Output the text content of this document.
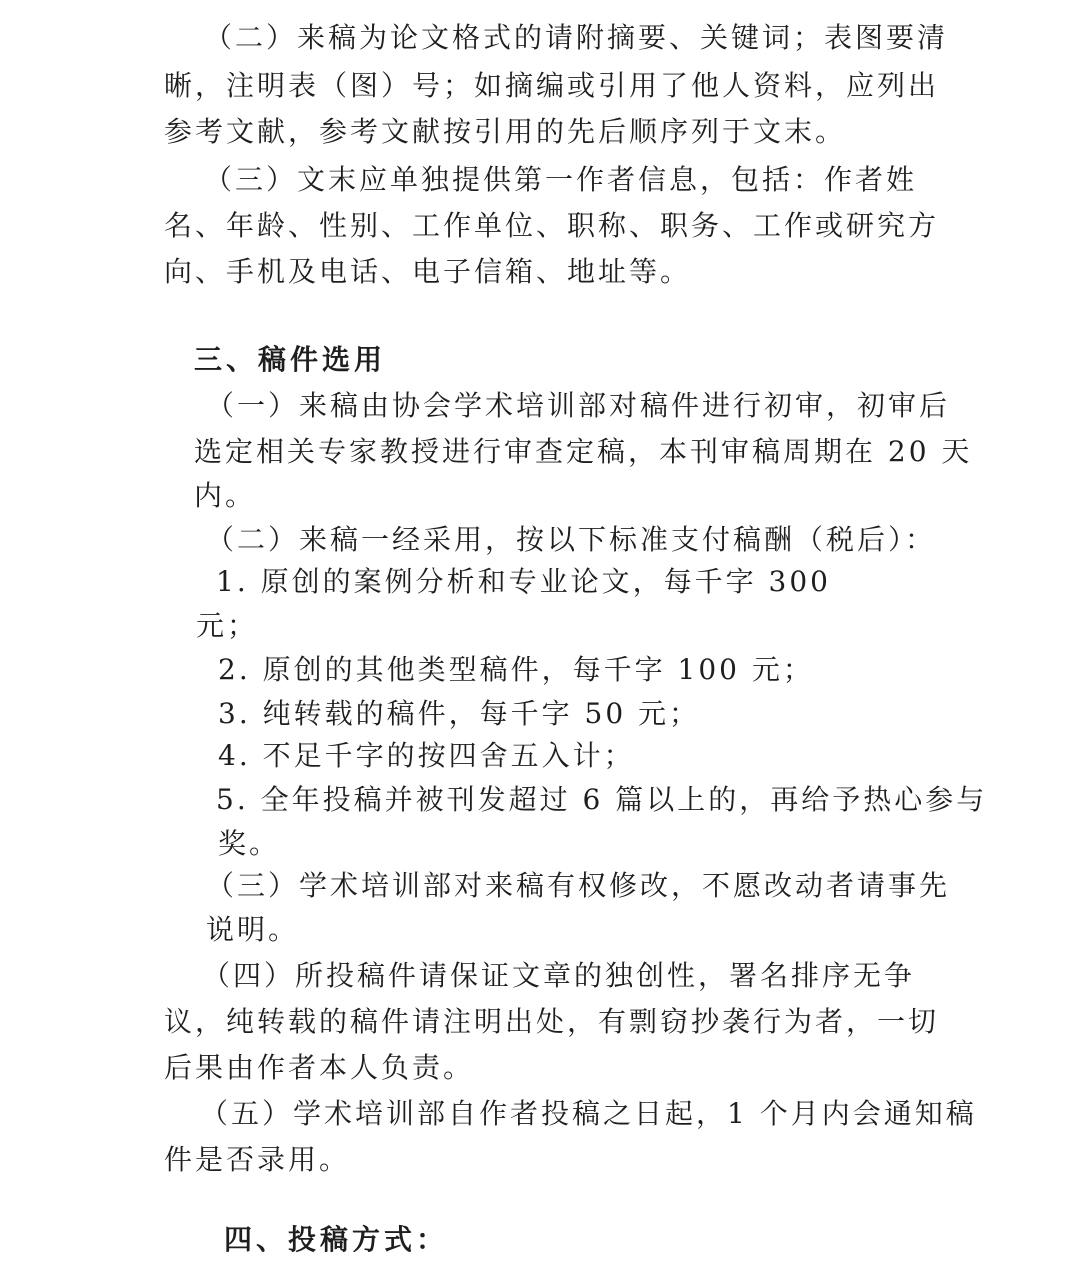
（二）来稿为论文格式的请附摘要、关键词；表图要清

晰，注明表（图）号；如摘编或引用了他人资料，应列出

参考文献，参考文献按引用的先后顺序列于文末。

（三）文末应单独提供第一作者信息，包括：作者姓

名、年龄、性别、工作单位、职称、职务、工作或研究方

向、手机及电话、电子信箱、地址等。

三、稿件选用

（一）来稿由协会学术培训部对稿件进行初审，初审后

选定相关专家教授进行审查定稿，本刊审稿周期在 20 天

内。

（二）来稿一经采用，按以下标准支付稿酬（税后）：

1. 原创的案例分析和专业论文，每千字 300

元；

2. 原创的其他类型稿件，每千字 100 元；

3. 纯转载的稿件，每千字 50 元；

4. 不足千字的按四舍五入计；

5. 全年投稿并被刊发超过 6 篇以上的，再给予热心参与

奖。

（三）学术培训部对来稿有权修改，不愿改动者请事先

说明。

（四）所投稿件请保证文章的独创性，署名排序无争

议，纯转载的稿件请注明出处，有剽窃抄袭行为者，一切

后果由作者本人负责。

（五）学术培训部自作者投稿之日起，1 个月内会通知稿

件是否录用。

四、投稿方式：
